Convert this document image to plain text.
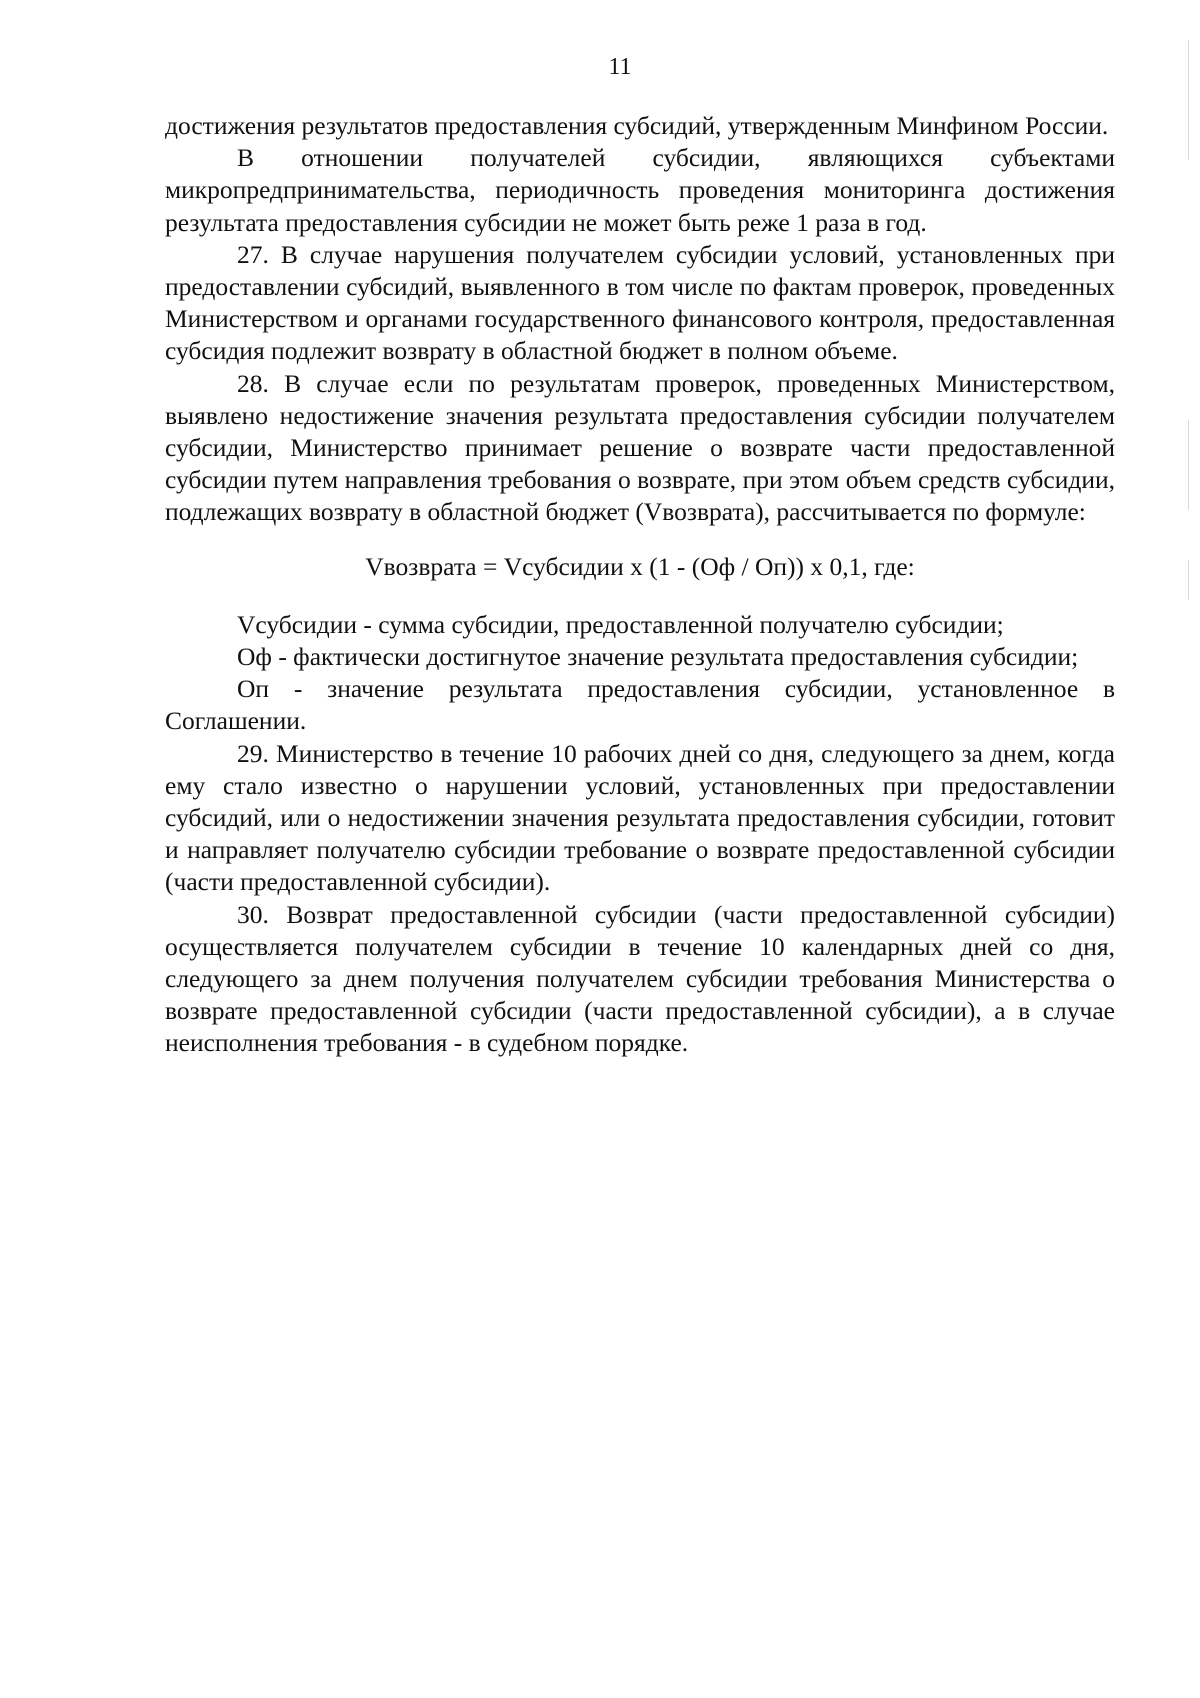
11

достижения результатов предоставления субсидий, утвержденным Минфином России.

В отношении получателей субсидии, являющихся субъектами микропредпринимательства, периодичность проведения мониторинга достижения результата предоставления субсидии не может быть реже 1 раза в год.

27. В случае нарушения получателем субсидии условий, установленных при предоставлении субсидий, выявленного в том числе по фактам проверок, проведенных Министерством и органами государственного финансового контроля, предоставленная субсидия подлежит возврату в областной бюджет в полном объеме.

28. В случае если по результатам проверок, проведенных Министерством, выявлено недостижение значения результата предоставления субсидии получателем субсидии, Министерство принимает решение о возврате части предоставленной субсидии путем направления требования о возврате, при этом объем средств субсидии, подлежащих возврату в областной бюджет (Vвозврата), рассчитывается по формуле:

Vвозврата = Vсубсидии x (1 - (Оф / Оп)) x 0,1, где:

Vсубсидии - сумма субсидии, предоставленной получателю субсидии;

Оф - фактически достигнутое значение результата предоставления субсидии;

Оп - значение результата предоставления субсидии, установленное в Соглашении.

29. Министерство в течение 10 рабочих дней со дня, следующего за днем, когда ему стало известно о нарушении условий, установленных при предоставлении субсидий, или о недостижении значения результата предоставления субсидии, готовит и направляет получателю субсидии требование о возврате предоставленной субсидии (части предоставленной субсидии).

30. Возврат предоставленной субсидии (части предоставленной субсидии) осуществляется получателем субсидии в течение 10 календарных дней со дня, следующего за днем получения получателем субсидии требования Министерства о возврате предоставленной субсидии (части предоставленной субсидии), а в случае неисполнения требования - в судебном порядке.
